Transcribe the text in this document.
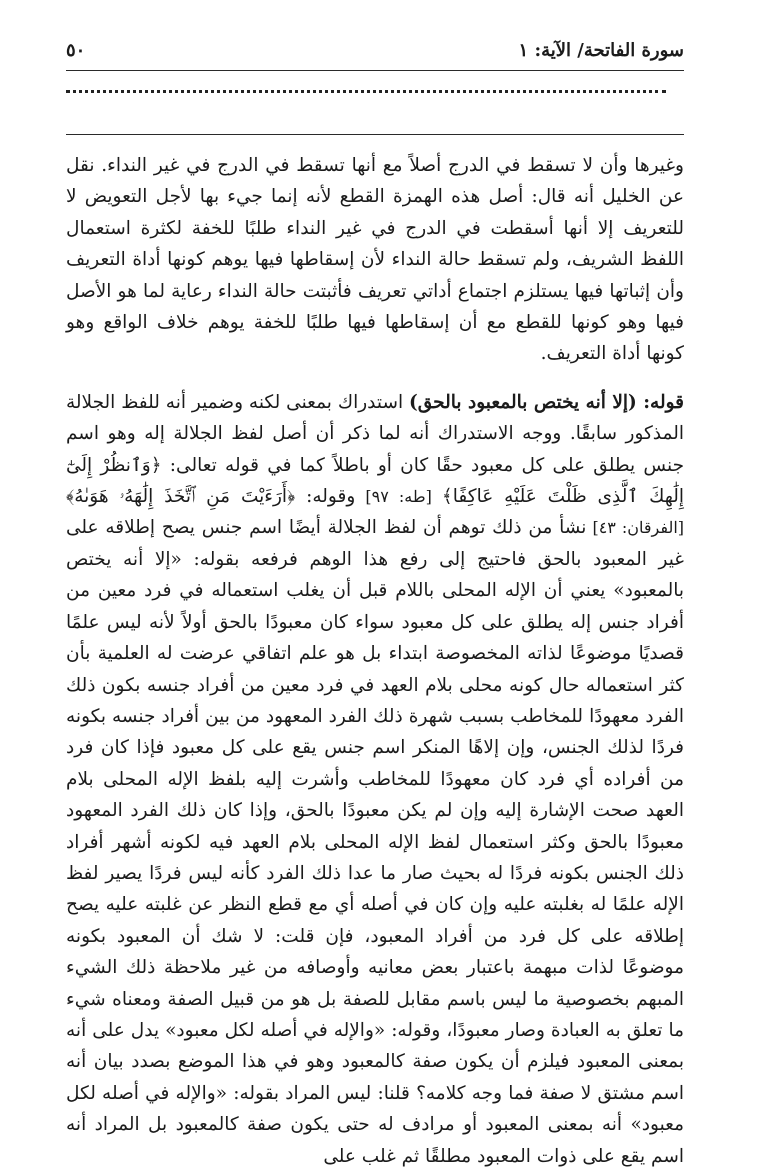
سورة الفاتحة/ الآية: ١
٥٠

وغيرها وأن لا تسقط في الدرج أصلاً مع أنها تسقط في الدرج في غير النداء. نقل عن الخليل أنه قال: أصل هذه الهمزة القطع لأنه إنما جيء بها لأجل التعويض لا للتعريف إلا أنها أسقطت في الدرج في غير النداء طلبًا للخفة لكثرة استعمال اللفظ الشريف، ولم تسقط حالة النداء لأن إسقاطها فيها يوهم كونها أداة التعريف وأن إثباتها فيها يستلزم اجتماع أداتي تعريف فأثبتت حالة النداء رعاية لما هو الأصل فيها وهو كونها للقطع مع أن إسقاطها فيها طلبًا للخفة يوهم خلاف الواقع وهو كونها أداة التعريف.

قوله: (إلا أنه يختص بالمعبود بالحق) استدراك بمعنى لكنه وضمير أنه للفظ الجلالة المذكور سابقًا. ووجه الاستدراك أنه لما ذكر أن أصل لفظ الجلالة إله وهو اسم جنس يطلق على كل معبود حقًا كان أو باطلاً كما في قوله تعالى: ﴿وَٱنظُرْ إِلَىٰٓ إِلَٰهِكَ ٱلَّذِى ظَلْتَ عَلَيْهِ عَاكِفًا﴾ [طه: ٩٧] وقوله: ﴿أَرَءَيْتَ مَنِ ٱتَّخَذَ إِلَٰهَهُۥ هَوَىٰهُ﴾ [الفرقان: ٤٣] نشأ من ذلك توهم أن لفظ الجلالة أيضًا اسم جنس يصح إطلاقه على غير المعبود بالحق فاحتيج إلى رفع هذا الوهم فرفعه بقوله: «إلا أنه يختص بالمعبود» يعني أن الإله المحلى باللام قبل أن يغلب استعماله في فرد معين من أفراد جنس إله يطلق على كل معبود سواء كان معبودًا بالحق أولاً لأنه ليس علمًا قصديًا موضوعًا لذاته المخصوصة ابتداء بل هو علم اتفاقي عرضت له العلمية بأن كثر استعماله حال كونه محلى بلام العهد في فرد معين من أفراد جنسه بكون ذلك الفرد معهودًا للمخاطب بسبب شهرة ذلك الفرد المعهود من بين أفراد جنسه بكونه فردًا لذلك الجنس، وإن إلاهًا المنكر اسم جنس يقع على كل معبود فإذا كان فرد من أفراده أي فرد كان معهودًا للمخاطب وأشرت إليه بلفظ الإله المحلى بلام العهد صحت الإشارة إليه وإن لم يكن معبودًا بالحق، وإذا كان ذلك الفرد المعهود معبودًا بالحق وكثر استعمال لفظ الإله المحلى بلام العهد فيه لكونه أشهر أفراد ذلك الجنس بكونه فردًا له بحيث صار ما عدا ذلك الفرد كأنه ليس فردًا يصير لفظ الإله علمًا له بغلبته عليه وإن كان في أصله أي مع قطع النظر عن غلبته عليه يصح إطلاقه على كل فرد من أفراد المعبود، فإن قلت: لا شك أن المعبود بكونه موضوعًا لذات مبهمة باعتبار بعض معانيه وأوصافه من غير ملاحظة ذلك الشيء المبهم بخصوصية ما ليس باسم مقابل للصفة بل هو من قبيل الصفة ومعناه شيء ما تعلق به العبادة وصار معبودًا، وقوله: «والإله في أصله لكل معبود» يدل على أنه بمعنى المعبود فيلزم أن يكون صفة كالمعبود وهو في هذا الموضع بصدد بيان أنه اسم مشتق لا صفة فما وجه كلامه؟ قلنا: ليس المراد بقوله: «والإله في أصله لكل معبود» أنه بمعنى المعبود أو مرادف له حتى يكون صفة كالمعبود بل المراد أنه اسم يقع على ذوات المعبود مطلقًا ثم غلب على
